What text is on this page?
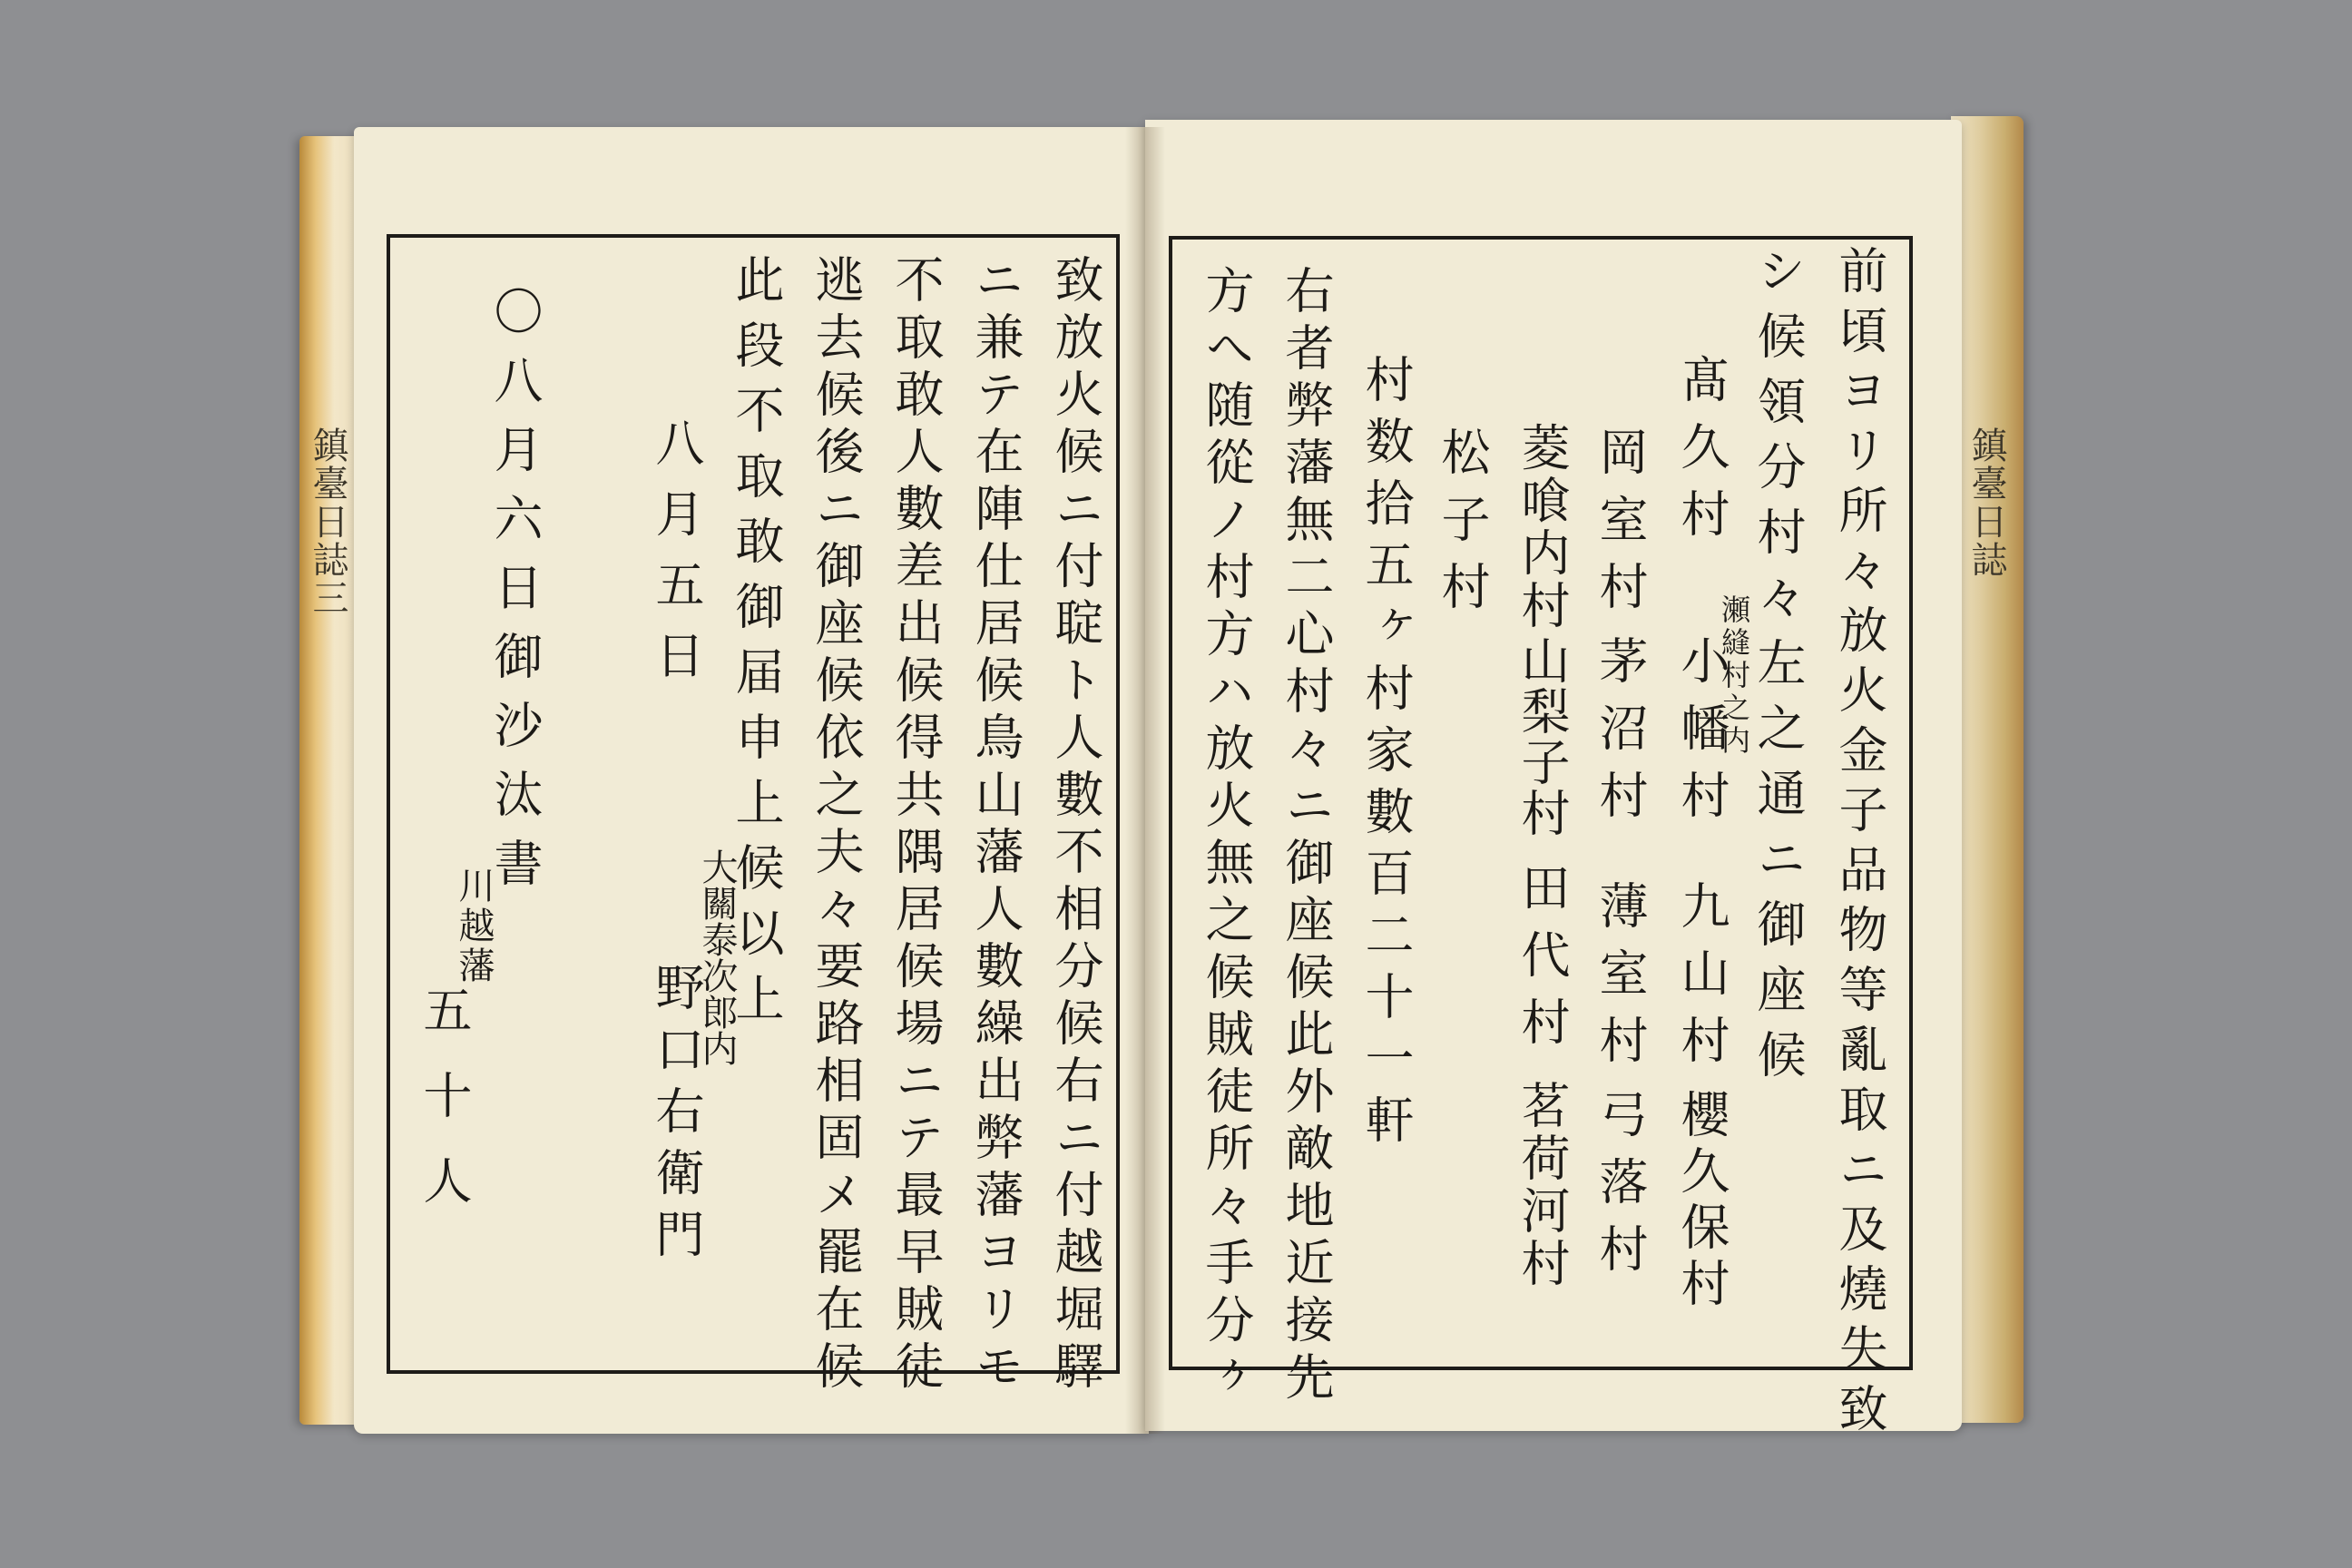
鎮臺日誌三	鎮臺日誌
前頃ヨリ所々放火金子品物等亂取ニ及燒失致
シ候領分村々左之通ニ御座候
髙久村
瀬縫村之内
小幡村
九山村
櫻久保村
岡室村
茅沼村
薄室村
弓落村
菱喰内村
山梨子村
田代村
茗荷河村
松子村
村数拾五ヶ村家數百二十一軒
右者弊藩無二心村々ニ御座候此外敵地近接先
方へ随從ノ村方ハ放火無之候賊徒所々手分ヶ
致放火候ニ付聢ト人數不相分候右ニ付越堀驛
ニ兼テ在陣仕居候鳥山藩人數繰出弊藩ヨリモ
不取敢人數差出候得共隅居候場ニテ最早賊徒
逃去候後ニ御座候依之夫々要路相固メ罷在候
此段不取敢御届申上候以上
八月五日
大關泰次郎内
野口右衛門
〇八月六日御沙汰書
川越藩
五十人
